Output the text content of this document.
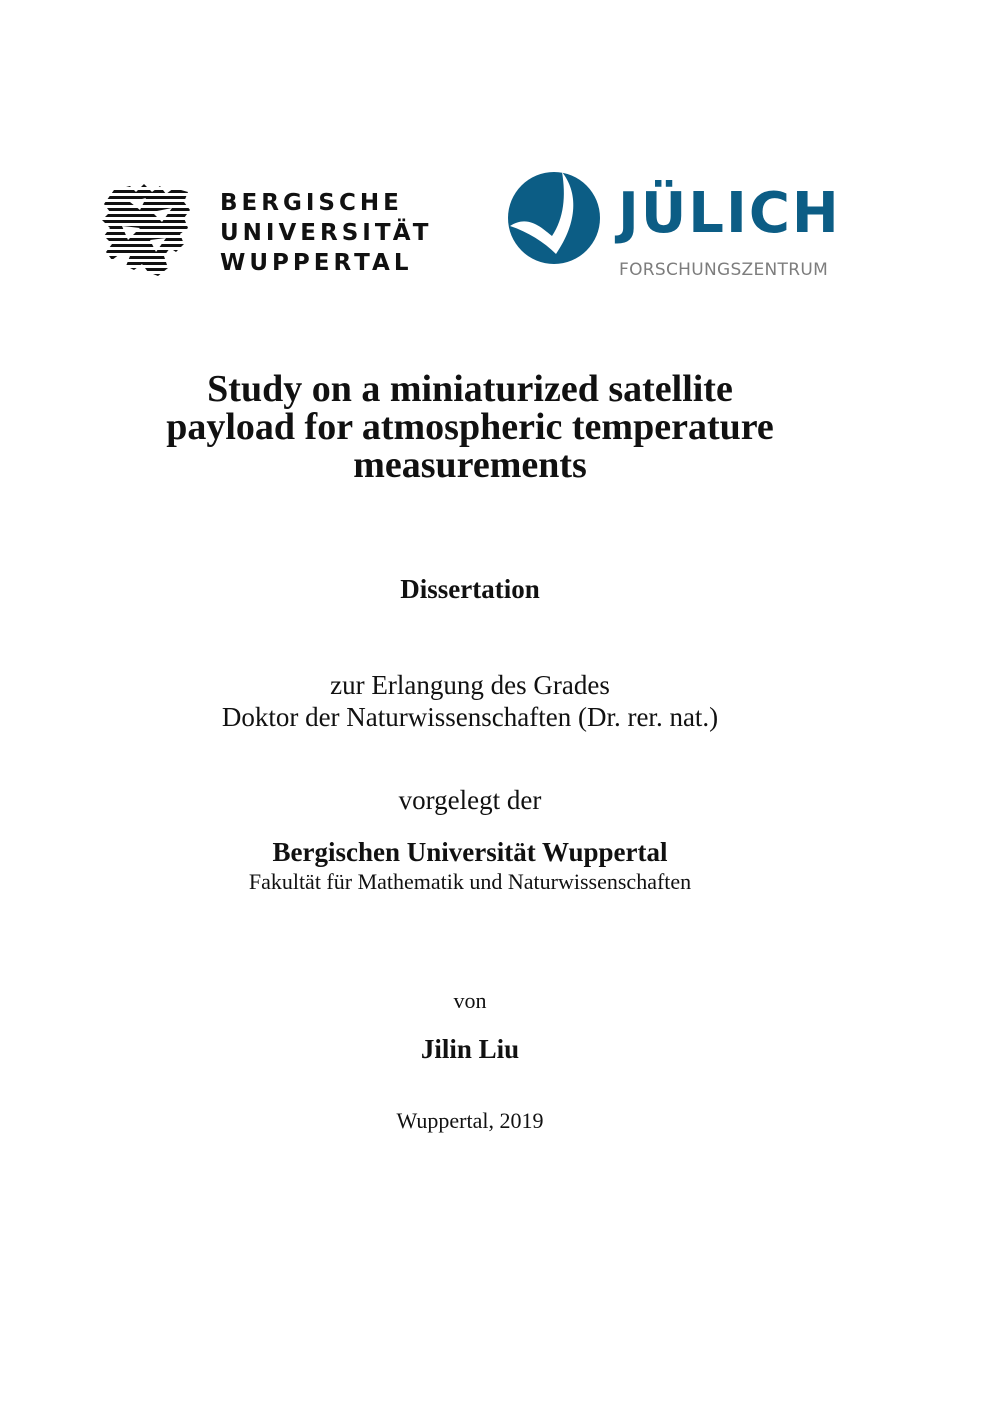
BERGISCHE
UNIVERSITÄT
WUPPERTAL
JÜLICH
FORSCHUNGSZENTRUM
Study on a miniaturized satellite
payload for atmospheric temperature
measurements
Dissertation
zur Erlangung des Grades
Doktor der Naturwissenschaften (Dr. rer. nat.)
vorgelegt der
Bergischen Universität Wuppertal
Fakultät für Mathematik und Naturwissenschaften
von
Jilin Liu
Wuppertal, 2019
